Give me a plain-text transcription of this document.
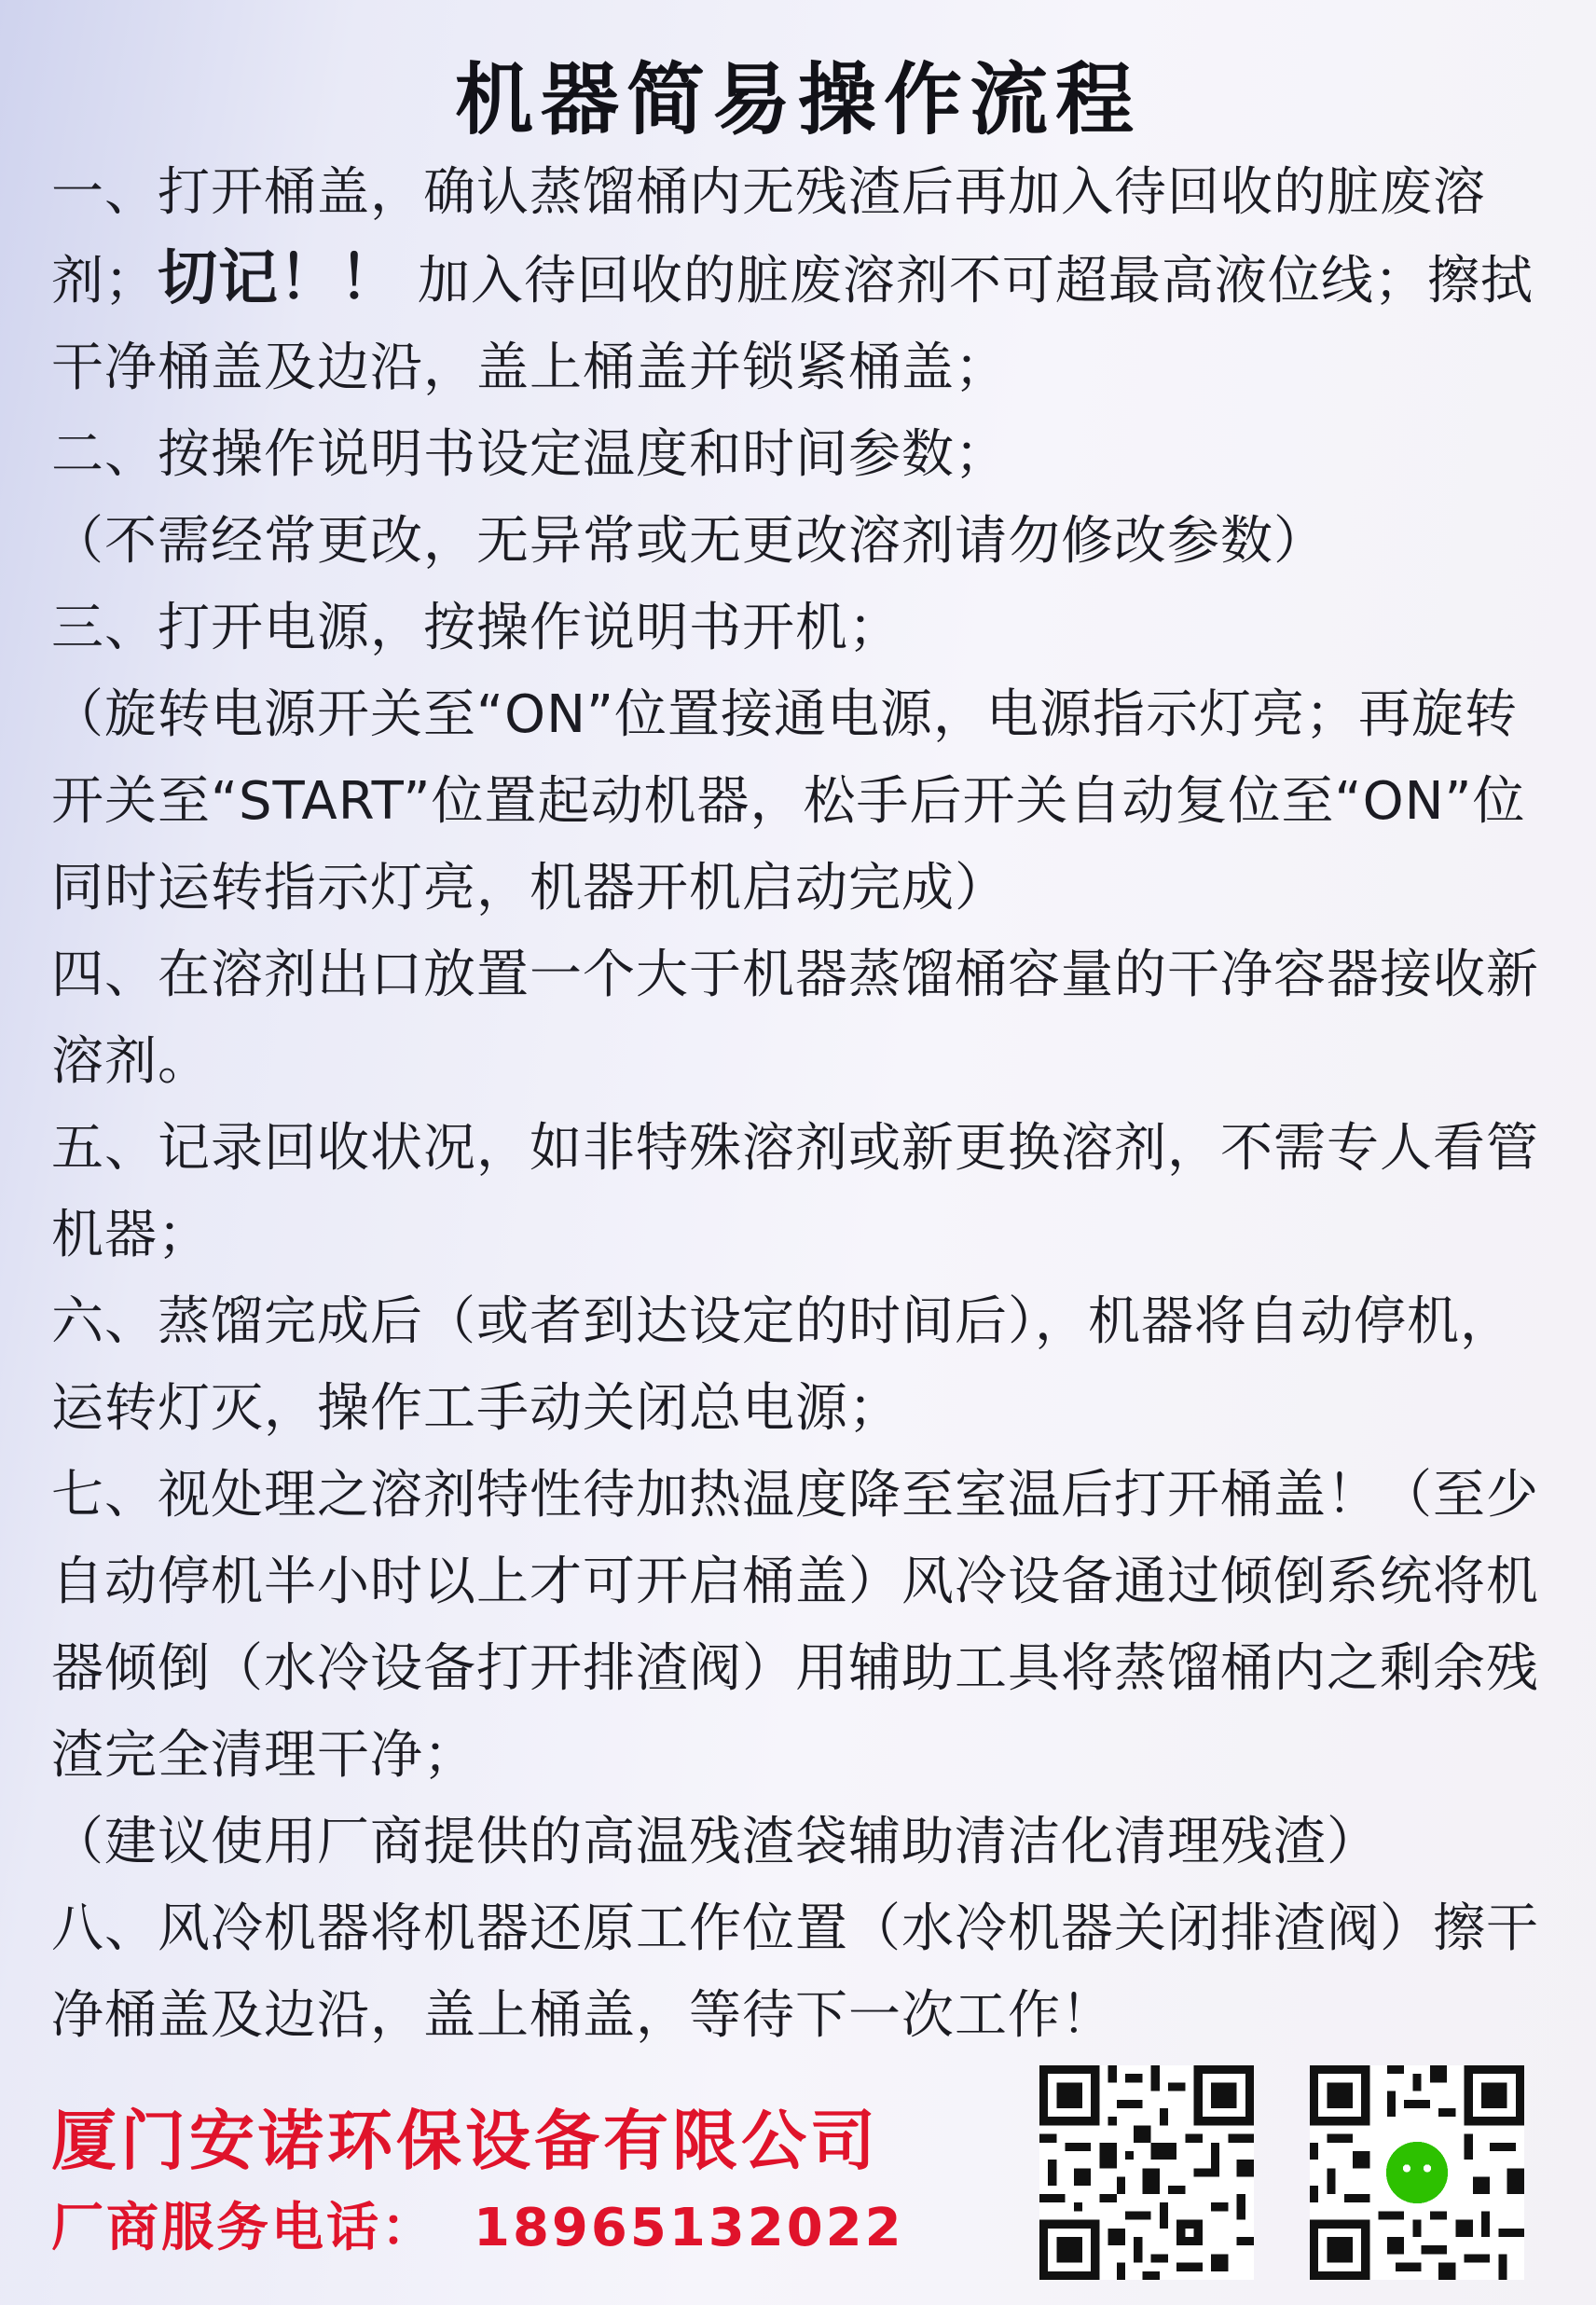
机器简易操作流程

一、打开桶盖，确认蒸馏桶内无残渣后再加入待回收的脏废溶剂；切记！！ 加入待回收的脏废溶剂不可超最高液位线；擦拭干净桶盖及边沿，盖上桶盖并锁紧桶盖；

二、按操作说明书设定温度和时间参数；

（不需经常更改，无异常或无更改溶剂请勿修改参数）

三、打开电源，按操作说明书开机；

（旋转电源开关至“ON”位置接通电源，电源指示灯亮；再旋转开关至“START”位置起动机器，松手后开关自动复位至“ON”位同时运转指示灯亮，机器开机启动完成）

四、在溶剂出口放置一个大于机器蒸馏桶容量的干净容器接收新溶剂。

五、记录回收状况，如非特殊溶剂或新更换溶剂，不需专人看管机器；

六、蒸馏完成后（或者到达设定的时间后），机器将自动停机，运转灯灭，操作工手动关闭总电源；

七、视处理之溶剂特性待加热温度降至室温后打开桶盖！（至少自动停机半小时以上才可开启桶盖）风冷设备通过倾倒系统将机器倾倒（水冷设备打开排渣阀）用辅助工具将蒸馏桶内之剩余残渣完全清理干净；

（建议使用厂商提供的高温残渣袋辅助清洁化清理残渣）

八、风冷机器将机器还原工作位置（水冷机器关闭排渣阀）擦干净桶盖及边沿，盖上桶盖，等待下一次工作！

厦门安诺环保设备有限公司
厂商服务电话： 18965132022
